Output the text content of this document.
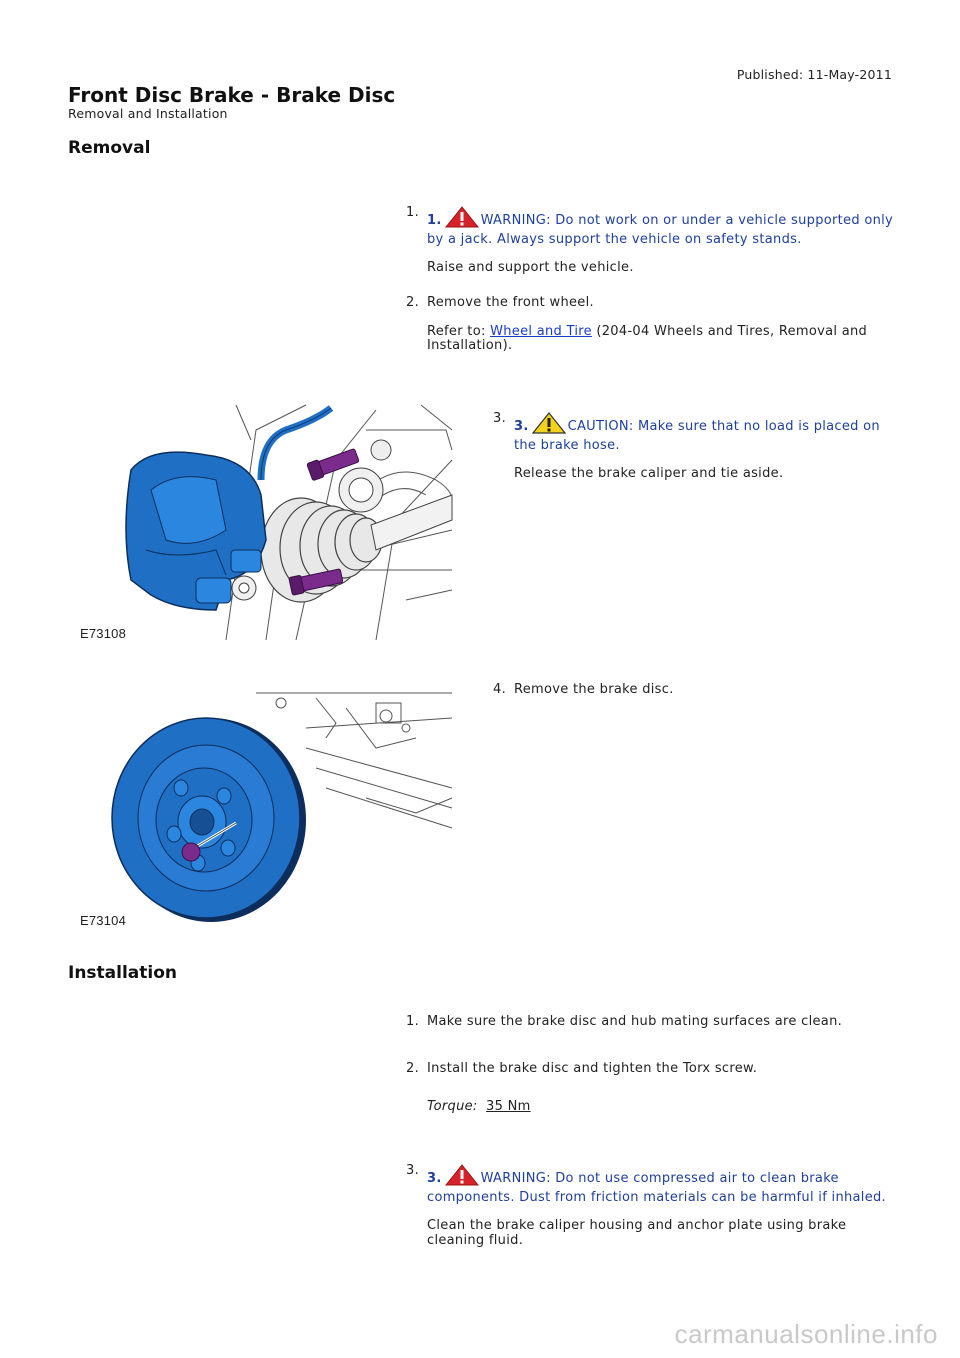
Published: 11-May-2011
Front Disc Brake - Brake Disc
Removal and Installation
Removal
1.

1.	WARNING: Do not work on or under a vehicle supported only by a jack. Always support the vehicle on safety stands.

Raise and support the vehicle.

2. Remove the front wheel.

Refer to: Wheel and Tire (204-04 Wheels and Tires, Removal and Installation).

E73108
3.

3.	CAUTION: Make sure that no load is placed on the brake hose.

Release the brake caliper and tie aside.

E73104
4. Remove the brake disc.

Installation
1. Make sure the brake disc and hub mating surfaces are clean.

2. Install the brake disc and tighten the Torx screw.

Torque: 35 Nm

3.

3.	WARNING: Do not use compressed air to clean brake components. Dust from friction materials can be harmful if inhaled.

Clean the brake caliper housing and anchor plate using brake cleaning fluid.

carmanualsonline.info
